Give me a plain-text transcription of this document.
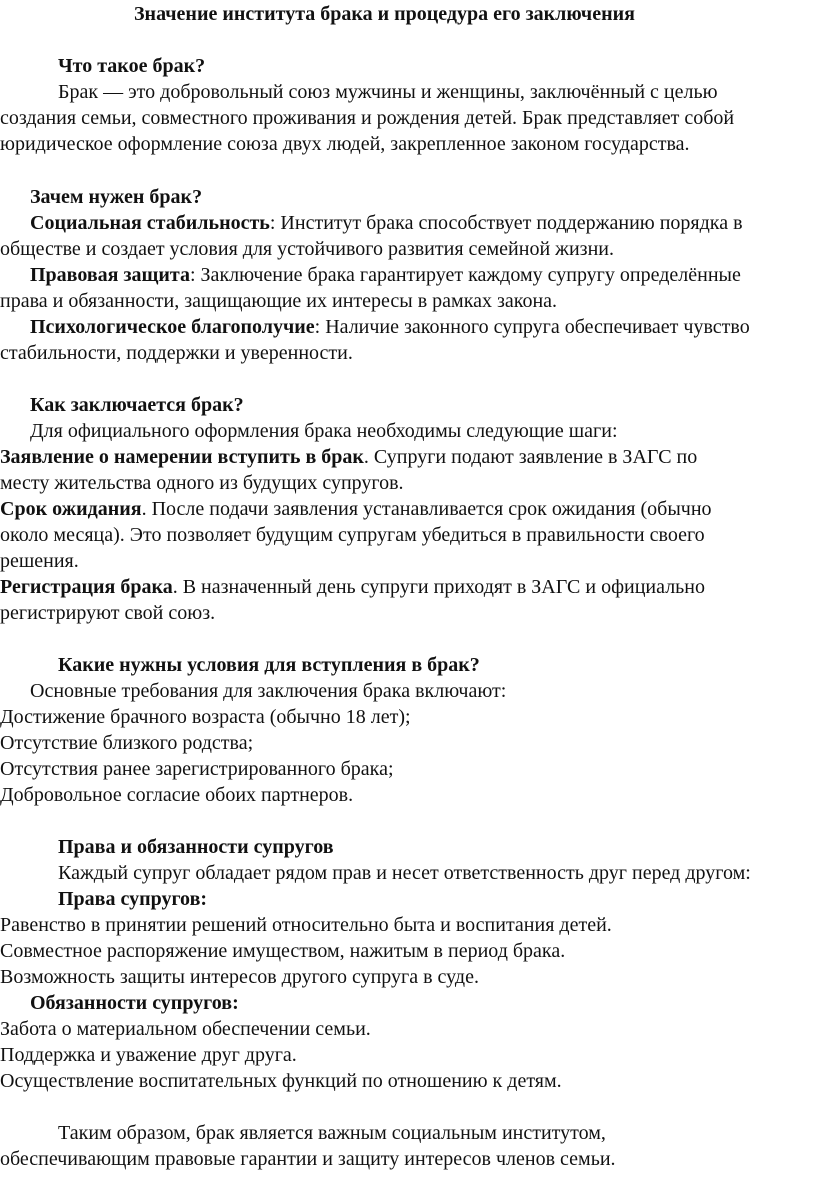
Значение института брака и процедура его заключения
Что такое брак?
Брак — это добровольный союз мужчины и женщины, заключённый с целью
создания семьи, совместного проживания и рождения детей. Брак представляет собой
юридическое оформление союза двух людей, закрепленное законом государства.
Зачем нужен брак?
Социальная стабильность: Институт брака способствует поддержанию порядка в
обществе и создает условия для устойчивого развития семейной жизни.
Правовая защита: Заключение брака гарантирует каждому супругу определённые
права и обязанности, защищающие их интересы в рамках закона.
Психологическое благополучие: Наличие законного супруга обеспечивает чувство
стабильности, поддержки и уверенности.
Как заключается брак?
Для официального оформления брака необходимы следующие шаги:
Заявление о намерении вступить в брак. Супруги подают заявление в ЗАГС по
месту жительства одного из будущих супругов.
Срок ожидания. После подачи заявления устанавливается срок ожидания (обычно
около месяца). Это позволяет будущим супругам убедиться в правильности своего
решения.
Регистрация брака. В назначенный день супруги приходят в ЗАГС и официально
регистрируют свой союз.
Какие нужны условия для вступления в брак?
Основные требования для заключения брака включают:
Достижение брачного возраста (обычно 18 лет);
Отсутствие близкого родства;
Отсутствия ранее зарегистрированного брака;
Добровольное согласие обоих партнеров.
Права и обязанности супругов
Каждый супруг обладает рядом прав и несет ответственность друг перед другом:
Права супругов:
Равенство в принятии решений относительно быта и воспитания детей.
Совместное распоряжение имуществом, нажитым в период брака.
Возможность защиты интересов другого супруга в суде.
Обязанности супругов:
Забота о материальном обеспечении семьи.
Поддержка и уважение друг друга.
Осуществление воспитательных функций по отношению к детям.
Таким образом, брак является важным социальным институтом,
обеспечивающим правовые гарантии и защиту интересов членов семьи.
